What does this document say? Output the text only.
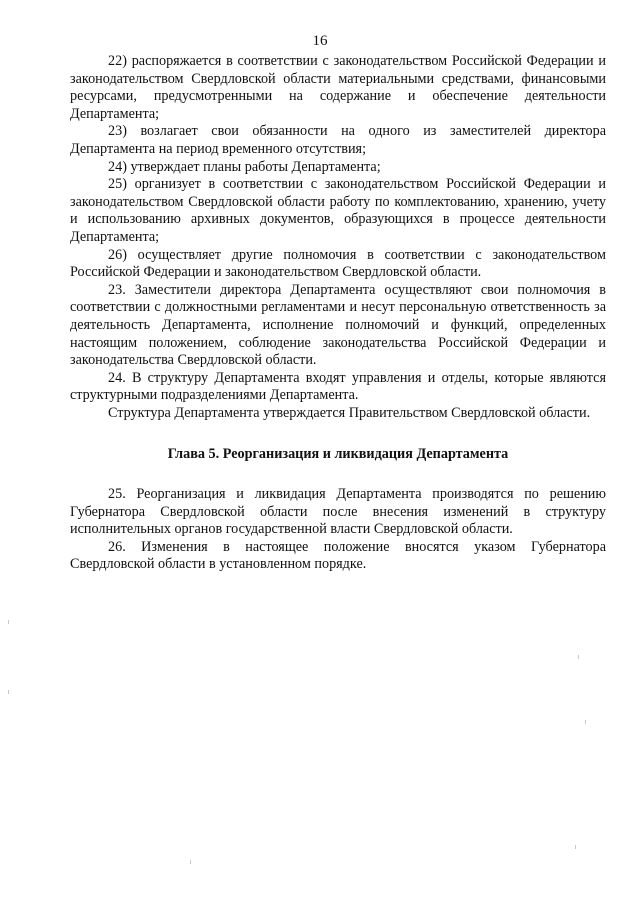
16

22) распоряжается в соответствии с законодательством Российской Федерации и законодательством Свердловской области материальными средствами, финансовыми ресурсами, предусмотренными на содержание и обеспечение деятельности Департамента;

23) возлагает свои обязанности на одного из заместителей директора Департамента на период временного отсутствия;

24) утверждает планы работы Департамента;

25) организует в соответствии с законодательством Российской Федерации и законодательством Свердловской области работу по комплектованию, хранению, учету и использованию архивных документов, образующихся в процессе деятельности Департамента;

26) осуществляет другие полномочия в соответствии с законодательством Российской Федерации и законодательством Свердловской области.

23. Заместители директора Департамента осуществляют свои полномочия в соответствии с должностными регламентами и несут персональную ответственность за деятельность Департамента, исполнение полномочий и функций, определенных настоящим положением, соблюдение законодательства Российской Федерации и законодательства Свердловской области.

24. В структуру Департамента входят управления и отделы, которые являются структурными подразделениями Департамента.

Структура Департамента утверждается Правительством Свердловской области.

Глава 5. Реорганизация и ликвидация Департамента

25. Реорганизация и ликвидация Департамента производятся по решению Губернатора Свердловской области после внесения изменений в структуру исполнительных органов государственной власти Свердловской области.

26. Изменения в настоящее положение вносятся указом Губернатора Свердловской области в установленном порядке.
